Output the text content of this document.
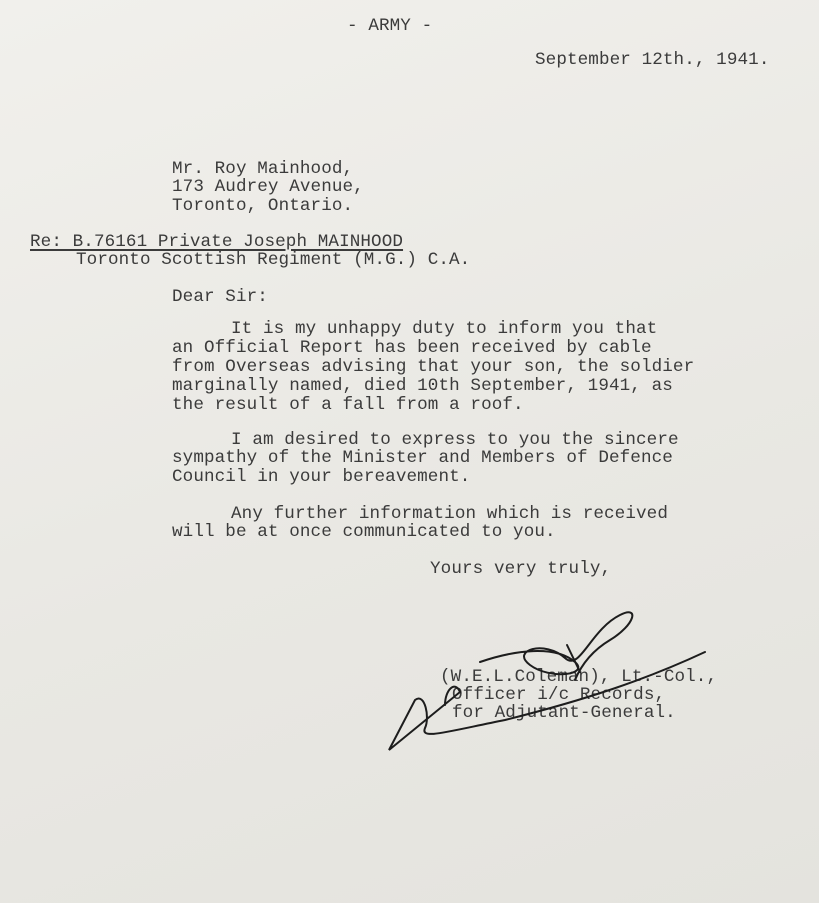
- ARMY -
September 12th., 1941.
Mr. Roy Mainhood,
173 Audrey Avenue,
Toronto, Ontario.
Re: B.76161 Private Joseph MAINHOOD
Toronto Scottish Regiment (M.G.) C.A.
Dear Sir:
It is my unhappy duty to inform you that
an Official Report has been received by cable
from Overseas advising that your son, the soldier
marginally named, died 10th September, 1941, as
the result of a fall from a roof.
I am desired to express to you the sincere
sympathy of the Minister and Members of Defence
Council in your bereavement.
Any further information which is received
will be at once communicated to you.
Yours very truly,
(W.E.L.Coleman), Lt.-Col.,
Officer i/c Records,
for Adjutant-General.
